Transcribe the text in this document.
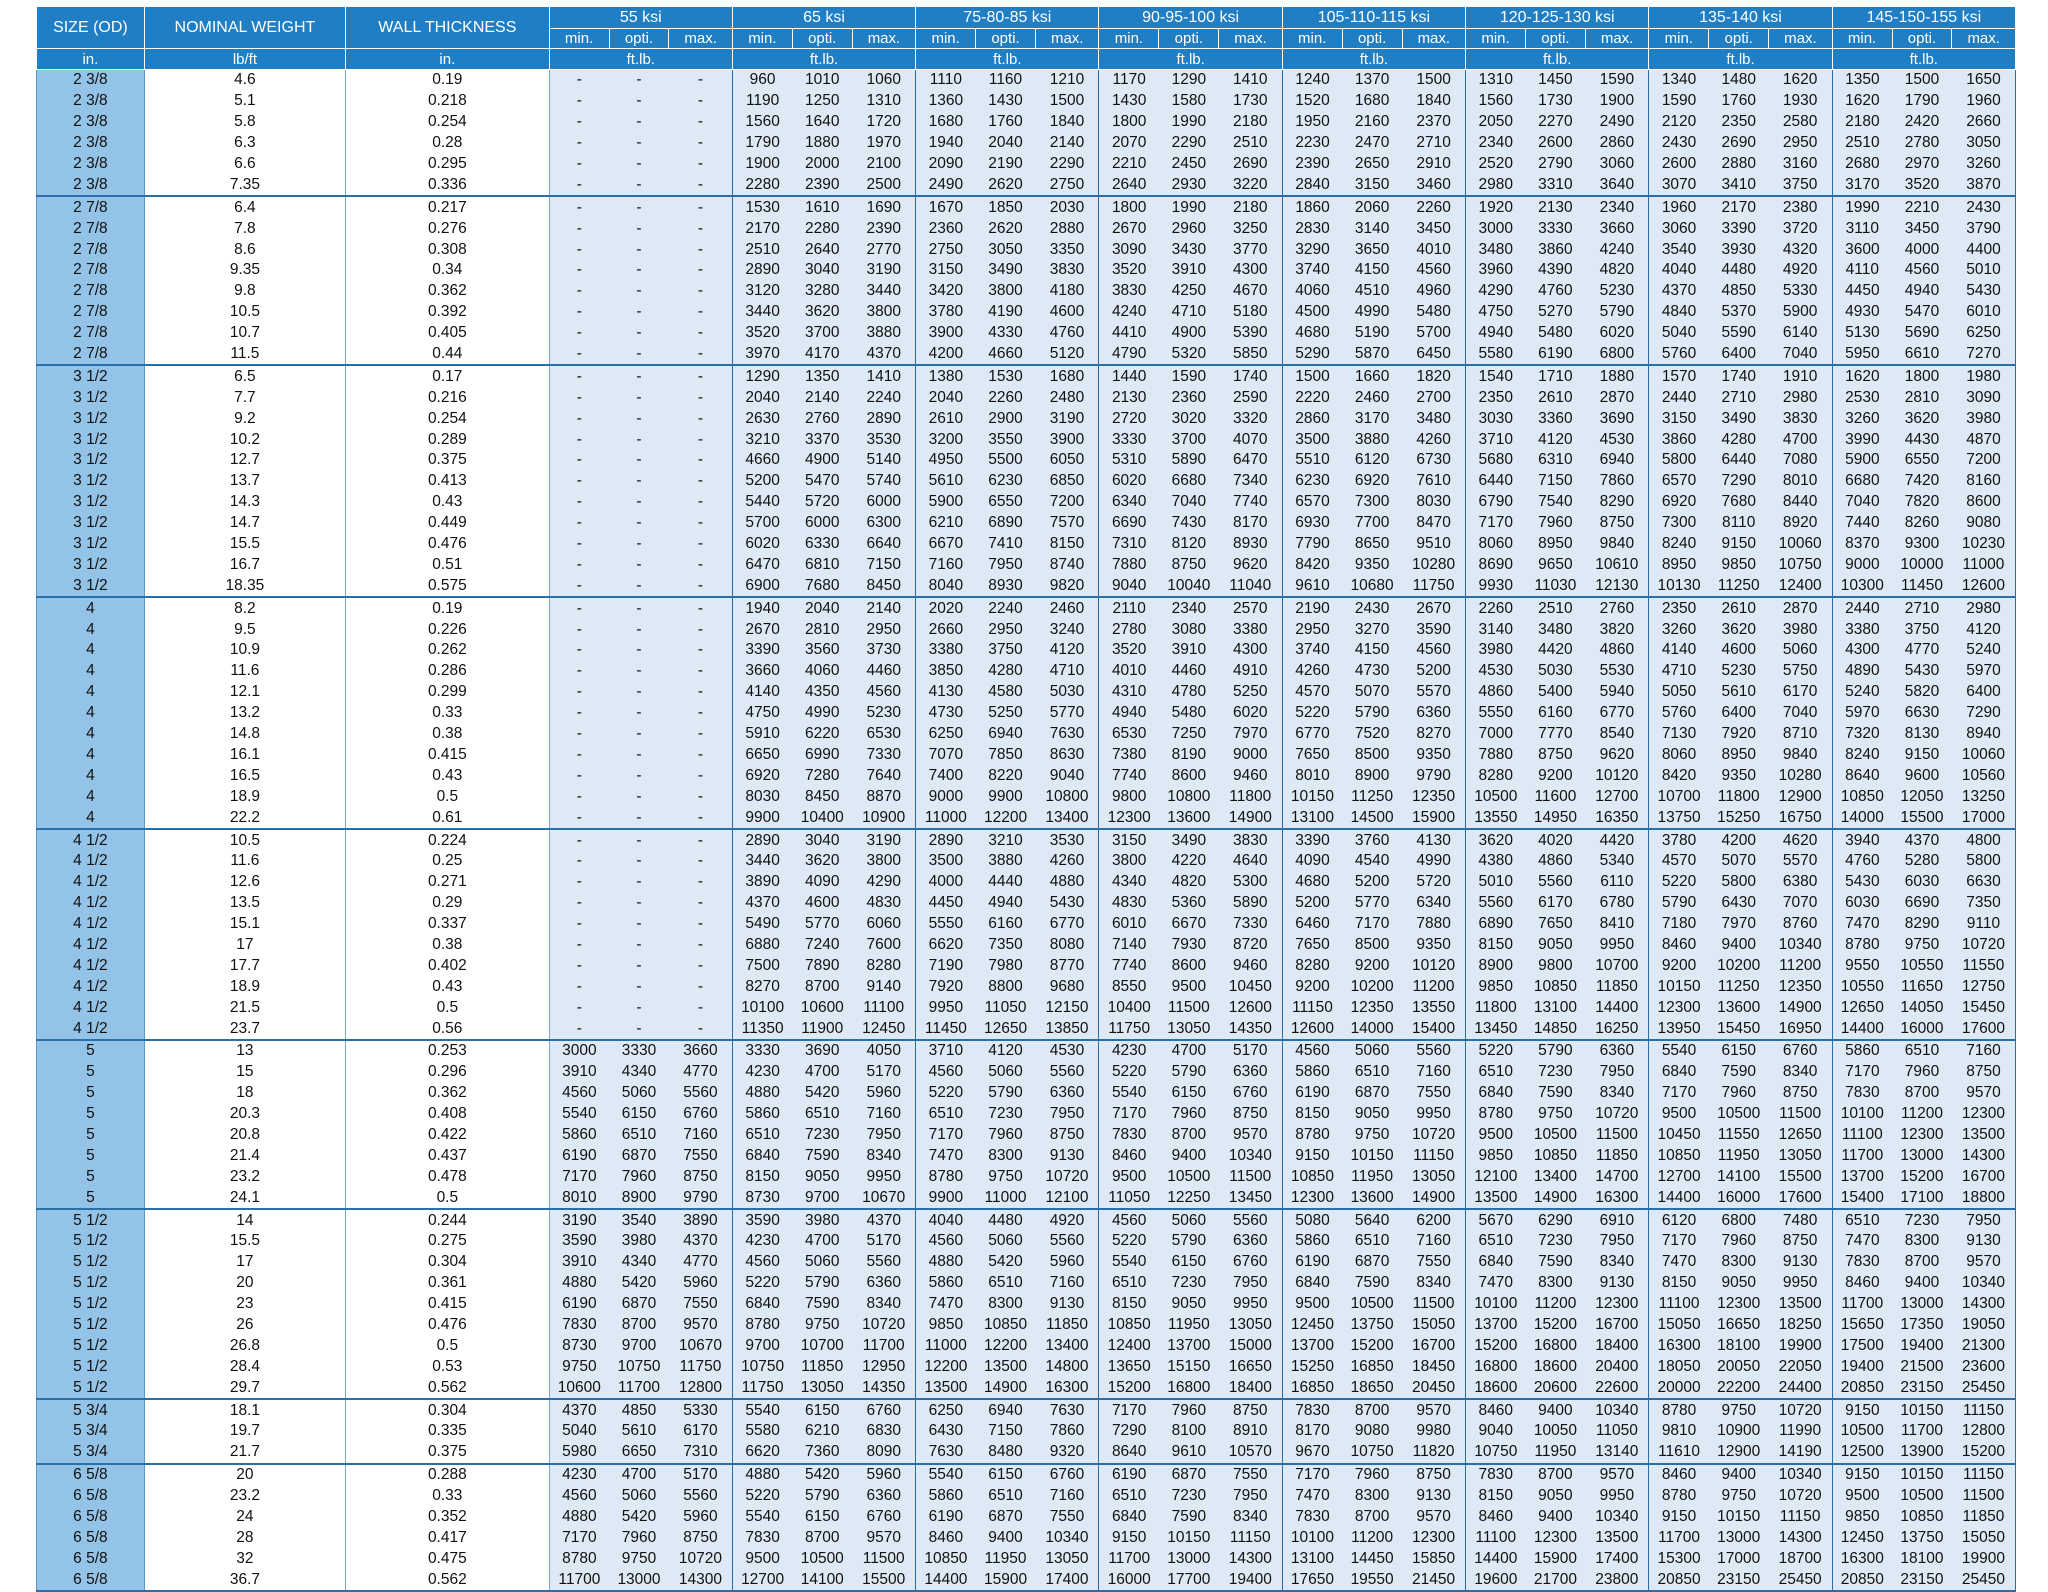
SIZE (OD)	NOMINAL WEIGHT	WALL THICKNESS	55 ksi			65 ksi			75-80-85 ksi			90-95-100 ksi			105-110-115 ksi			120-125-130 ksi			135-140 ksi			145-150-155 ksi		
			min.	opti.	max.	min.	opti.	max.	min.	opti.	max.	min.	opti.	max.	min.	opti.	max.	min.	opti.	max.	min.	opti.	max.	min.	opti.	max.
in.	lb/ft	in.	ft.lb.			ft.lb.			ft.lb.			ft.lb.			ft.lb.			ft.lb.			ft.lb.			ft.lb.		
2 3/8	4.6	0.19	-	-	-	960	1010	1060	1110	1160	1210	1170	1290	1410	1240	1370	1500	1310	1450	1590	1340	1480	1620	1350	1500	1650
2 3/8	5.1	0.218	-	-	-	1190	1250	1310	1360	1430	1500	1430	1580	1730	1520	1680	1840	1560	1730	1900	1590	1760	1930	1620	1790	1960
2 3/8	5.8	0.254	-	-	-	1560	1640	1720	1680	1760	1840	1800	1990	2180	1950	2160	2370	2050	2270	2490	2120	2350	2580	2180	2420	2660
2 3/8	6.3	0.28	-	-	-	1790	1880	1970	1940	2040	2140	2070	2290	2510	2230	2470	2710	2340	2600	2860	2430	2690	2950	2510	2780	3050
2 3/8	6.6	0.295	-	-	-	1900	2000	2100	2090	2190	2290	2210	2450	2690	2390	2650	2910	2520	2790	3060	2600	2880	3160	2680	2970	3260
2 3/8	7.35	0.336	-	-	-	2280	2390	2500	2490	2620	2750	2640	2930	3220	2840	3150	3460	2980	3310	3640	3070	3410	3750	3170	3520	3870
2 7/8	6.4	0.217	-	-	-	1530	1610	1690	1670	1850	2030	1800	1990	2180	1860	2060	2260	1920	2130	2340	1960	2170	2380	1990	2210	2430
2 7/8	7.8	0.276	-	-	-	2170	2280	2390	2360	2620	2880	2670	2960	3250	2830	3140	3450	3000	3330	3660	3060	3390	3720	3110	3450	3790
2 7/8	8.6	0.308	-	-	-	2510	2640	2770	2750	3050	3350	3090	3430	3770	3290	3650	4010	3480	3860	4240	3540	3930	4320	3600	4000	4400
2 7/8	9.35	0.34	-	-	-	2890	3040	3190	3150	3490	3830	3520	3910	4300	3740	4150	4560	3960	4390	4820	4040	4480	4920	4110	4560	5010
2 7/8	9.8	0.362	-	-	-	3120	3280	3440	3420	3800	4180	3830	4250	4670	4060	4510	4960	4290	4760	5230	4370	4850	5330	4450	4940	5430
2 7/8	10.5	0.392	-	-	-	3440	3620	3800	3780	4190	4600	4240	4710	5180	4500	4990	5480	4750	5270	5790	4840	5370	5900	4930	5470	6010
2 7/8	10.7	0.405	-	-	-	3520	3700	3880	3900	4330	4760	4410	4900	5390	4680	5190	5700	4940	5480	6020	5040	5590	6140	5130	5690	6250
2 7/8	11.5	0.44	-	-	-	3970	4170	4370	4200	4660	5120	4790	5320	5850	5290	5870	6450	5580	6190	6800	5760	6400	7040	5950	6610	7270
3 1/2	6.5	0.17	-	-	-	1290	1350	1410	1380	1530	1680	1440	1590	1740	1500	1660	1820	1540	1710	1880	1570	1740	1910	1620	1800	1980
3 1/2	7.7	0.216	-	-	-	2040	2140	2240	2040	2260	2480	2130	2360	2590	2220	2460	2700	2350	2610	2870	2440	2710	2980	2530	2810	3090
3 1/2	9.2	0.254	-	-	-	2630	2760	2890	2610	2900	3190	2720	3020	3320	2860	3170	3480	3030	3360	3690	3150	3490	3830	3260	3620	3980
3 1/2	10.2	0.289	-	-	-	3210	3370	3530	3200	3550	3900	3330	3700	4070	3500	3880	4260	3710	4120	4530	3860	4280	4700	3990	4430	4870
3 1/2	12.7	0.375	-	-	-	4660	4900	5140	4950	5500	6050	5310	5890	6470	5510	6120	6730	5680	6310	6940	5800	6440	7080	5900	6550	7200
3 1/2	13.7	0.413	-	-	-	5200	5470	5740	5610	6230	6850	6020	6680	7340	6230	6920	7610	6440	7150	7860	6570	7290	8010	6680	7420	8160
3 1/2	14.3	0.43	-	-	-	5440	5720	6000	5900	6550	7200	6340	7040	7740	6570	7300	8030	6790	7540	8290	6920	7680	8440	7040	7820	8600
3 1/2	14.7	0.449	-	-	-	5700	6000	6300	6210	6890	7570	6690	7430	8170	6930	7700	8470	7170	7960	8750	7300	8110	8920	7440	8260	9080
3 1/2	15.5	0.476	-	-	-	6020	6330	6640	6670	7410	8150	7310	8120	8930	7790	8650	9510	8060	8950	9840	8240	9150	10060	8370	9300	10230
3 1/2	16.7	0.51	-	-	-	6470	6810	7150	7160	7950	8740	7880	8750	9620	8420	9350	10280	8690	9650	10610	8950	9850	10750	9000	10000	11000
3 1/2	18.35	0.575	-	-	-	6900	7680	8450	8040	8930	9820	9040	10040	11040	9610	10680	11750	9930	11030	12130	10130	11250	12400	10300	11450	12600
4	8.2	0.19	-	-	-	1940	2040	2140	2020	2240	2460	2110	2340	2570	2190	2430	2670	2260	2510	2760	2350	2610	2870	2440	2710	2980
4	9.5	0.226	-	-	-	2670	2810	2950	2660	2950	3240	2780	3080	3380	2950	3270	3590	3140	3480	3820	3260	3620	3980	3380	3750	4120
4	10.9	0.262	-	-	-	3390	3560	3730	3380	3750	4120	3520	3910	4300	3740	4150	4560	3980	4420	4860	4140	4600	5060	4300	4770	5240
4	11.6	0.286	-	-	-	3660	4060	4460	3850	4280	4710	4010	4460	4910	4260	4730	5200	4530	5030	5530	4710	5230	5750	4890	5430	5970
4	12.1	0.299	-	-	-	4140	4350	4560	4130	4580	5030	4310	4780	5250	4570	5070	5570	4860	5400	5940	5050	5610	6170	5240	5820	6400
4	13.2	0.33	-	-	-	4750	4990	5230	4730	5250	5770	4940	5480	6020	5220	5790	6360	5550	6160	6770	5760	6400	7040	5970	6630	7290
4	14.8	0.38	-	-	-	5910	6220	6530	6250	6940	7630	6530	7250	7970	6770	7520	8270	7000	7770	8540	7130	7920	8710	7320	8130	8940
4	16.1	0.415	-	-	-	6650	6990	7330	7070	7850	8630	7380	8190	9000	7650	8500	9350	7880	8750	9620	8060	8950	9840	8240	9150	10060
4	16.5	0.43	-	-	-	6920	7280	7640	7400	8220	9040	7740	8600	9460	8010	8900	9790	8280	9200	10120	8420	9350	10280	8640	9600	10560
4	18.9	0.5	-	-	-	8030	8450	8870	9000	9900	10800	9800	10800	11800	10150	11250	12350	10500	11600	12700	10700	11800	12900	10850	12050	13250
4	22.2	0.61	-	-	-	9900	10400	10900	11000	12200	13400	12300	13600	14900	13100	14500	15900	13550	14950	16350	13750	15250	16750	14000	15500	17000
4 1/2	10.5	0.224	-	-	-	2890	3040	3190	2890	3210	3530	3150	3490	3830	3390	3760	4130	3620	4020	4420	3780	4200	4620	3940	4370	4800
4 1/2	11.6	0.25	-	-	-	3440	3620	3800	3500	3880	4260	3800	4220	4640	4090	4540	4990	4380	4860	5340	4570	5070	5570	4760	5280	5800
4 1/2	12.6	0.271	-	-	-	3890	4090	4290	4000	4440	4880	4340	4820	5300	4680	5200	5720	5010	5560	6110	5220	5800	6380	5430	6030	6630
4 1/2	13.5	0.29	-	-	-	4370	4600	4830	4450	4940	5430	4830	5360	5890	5200	5770	6340	5560	6170	6780	5790	6430	7070	6030	6690	7350
4 1/2	15.1	0.337	-	-	-	5490	5770	6060	5550	6160	6770	6010	6670	7330	6460	7170	7880	6890	7650	8410	7180	7970	8760	7470	8290	9110
4 1/2	17	0.38	-	-	-	6880	7240	7600	6620	7350	8080	7140	7930	8720	7650	8500	9350	8150	9050	9950	8460	9400	10340	8780	9750	10720
4 1/2	17.7	0.402	-	-	-	7500	7890	8280	7190	7980	8770	7740	8600	9460	8280	9200	10120	8900	9800	10700	9200	10200	11200	9550	10550	11550
4 1/2	18.9	0.43	-	-	-	8270	8700	9140	7920	8800	9680	8550	9500	10450	9200	10200	11200	9850	10850	11850	10150	11250	12350	10550	11650	12750
4 1/2	21.5	0.5	-	-	-	10100	10600	11100	9950	11050	12150	10400	11500	12600	11150	12350	13550	11800	13100	14400	12300	13600	14900	12650	14050	15450
4 1/2	23.7	0.56	-	-	-	11350	11900	12450	11450	12650	13850	11750	13050	14350	12600	14000	15400	13450	14850	16250	13950	15450	16950	14400	16000	17600
5	13	0.253	3000	3330	3660	3330	3690	4050	3710	4120	4530	4230	4700	5170	4560	5060	5560	5220	5790	6360	5540	6150	6760	5860	6510	7160
5	15	0.296	3910	4340	4770	4230	4700	5170	4560	5060	5560	5220	5790	6360	5860	6510	7160	6510	7230	7950	6840	7590	8340	7170	7960	8750
5	18	0.362	4560	5060	5560	4880	5420	5960	5220	5790	6360	5540	6150	6760	6190	6870	7550	6840	7590	8340	7170	7960	8750	7830	8700	9570
5	20.3	0.408	5540	6150	6760	5860	6510	7160	6510	7230	7950	7170	7960	8750	8150	9050	9950	8780	9750	10720	9500	10500	11500	10100	11200	12300
5	20.8	0.422	5860	6510	7160	6510	7230	7950	7170	7960	8750	7830	8700	9570	8780	9750	10720	9500	10500	11500	10450	11550	12650	11100	12300	13500
5	21.4	0.437	6190	6870	7550	6840	7590	8340	7470	8300	9130	8460	9400	10340	9150	10150	11150	9850	10850	11850	10850	11950	13050	11700	13000	14300
5	23.2	0.478	7170	7960	8750	8150	9050	9950	8780	9750	10720	9500	10500	11500	10850	11950	13050	12100	13400	14700	12700	14100	15500	13700	15200	16700
5	24.1	0.5	8010	8900	9790	8730	9700	10670	9900	11000	12100	11050	12250	13450	12300	13600	14900	13500	14900	16300	14400	16000	17600	15400	17100	18800
5 1/2	14	0.244	3190	3540	3890	3590	3980	4370	4040	4480	4920	4560	5060	5560	5080	5640	6200	5670	6290	6910	6120	6800	7480	6510	7230	7950
5 1/2	15.5	0.275	3590	3980	4370	4230	4700	5170	4560	5060	5560	5220	5790	6360	5860	6510	7160	6510	7230	7950	7170	7960	8750	7470	8300	9130
5 1/2	17	0.304	3910	4340	4770	4560	5060	5560	4880	5420	5960	5540	6150	6760	6190	6870	7550	6840	7590	8340	7470	8300	9130	7830	8700	9570
5 1/2	20	0.361	4880	5420	5960	5220	5790	6360	5860	6510	7160	6510	7230	7950	6840	7590	8340	7470	8300	9130	8150	9050	9950	8460	9400	10340
5 1/2	23	0.415	6190	6870	7550	6840	7590	8340	7470	8300	9130	8150	9050	9950	9500	10500	11500	10100	11200	12300	11100	12300	13500	11700	13000	14300
5 1/2	26	0.476	7830	8700	9570	8780	9750	10720	9850	10850	11850	10850	11950	13050	12450	13750	15050	13700	15200	16700	15050	16650	18250	15650	17350	19050
5 1/2	26.8	0.5	8730	9700	10670	9700	10700	11700	11000	12200	13400	12400	13700	15000	13700	15200	16700	15200	16800	18400	16300	18100	19900	17500	19400	21300
5 1/2	28.4	0.53	9750	10750	11750	10750	11850	12950	12200	13500	14800	13650	15150	16650	15250	16850	18450	16800	18600	20400	18050	20050	22050	19400	21500	23600
5 1/2	29.7	0.562	10600	11700	12800	11750	13050	14350	13500	14900	16300	15200	16800	18400	16850	18650	20450	18600	20600	22600	20000	22200	24400	20850	23150	25450
5 3/4	18.1	0.304	4370	4850	5330	5540	6150	6760	6250	6940	7630	7170	7960	8750	7830	8700	9570	8460	9400	10340	8780	9750	10720	9150	10150	11150
5 3/4	19.7	0.335	5040	5610	6170	5580	6210	6830	6430	7150	7860	7290	8100	8910	8170	9080	9980	9040	10050	11050	9810	10900	11990	10500	11700	12800
5 3/4	21.7	0.375	5980	6650	7310	6620	7360	8090	7630	8480	9320	8640	9610	10570	9670	10750	11820	10750	11950	13140	11610	12900	14190	12500	13900	15200
6 5/8	20	0.288	4230	4700	5170	4880	5420	5960	5540	6150	6760	6190	6870	7550	7170	7960	8750	7830	8700	9570	8460	9400	10340	9150	10150	11150
6 5/8	23.2	0.33	4560	5060	5560	5220	5790	6360	5860	6510	7160	6510	7230	7950	7470	8300	9130	8150	9050	9950	8780	9750	10720	9500	10500	11500
6 5/8	24	0.352	4880	5420	5960	5540	6150	6760	6190	6870	7550	6840	7590	8340	7830	8700	9570	8460	9400	10340	9150	10150	11150	9850	10850	11850
6 5/8	28	0.417	7170	7960	8750	7830	8700	9570	8460	9400	10340	9150	10150	11150	10100	11200	12300	11100	12300	13500	11700	13000	14300	12450	13750	15050
6 5/8	32	0.475	8780	9750	10720	9500	10500	11500	10850	11950	13050	11700	13000	14300	13100	14450	15850	14400	15900	17400	15300	17000	18700	16300	18100	19900
6 5/8	36.7	0.562	11700	13000	14300	12700	14100	15500	14400	15900	17400	16000	17700	19400	17650	19550	21450	19600	21700	23800	20850	23150	25450	20850	23150	25450
